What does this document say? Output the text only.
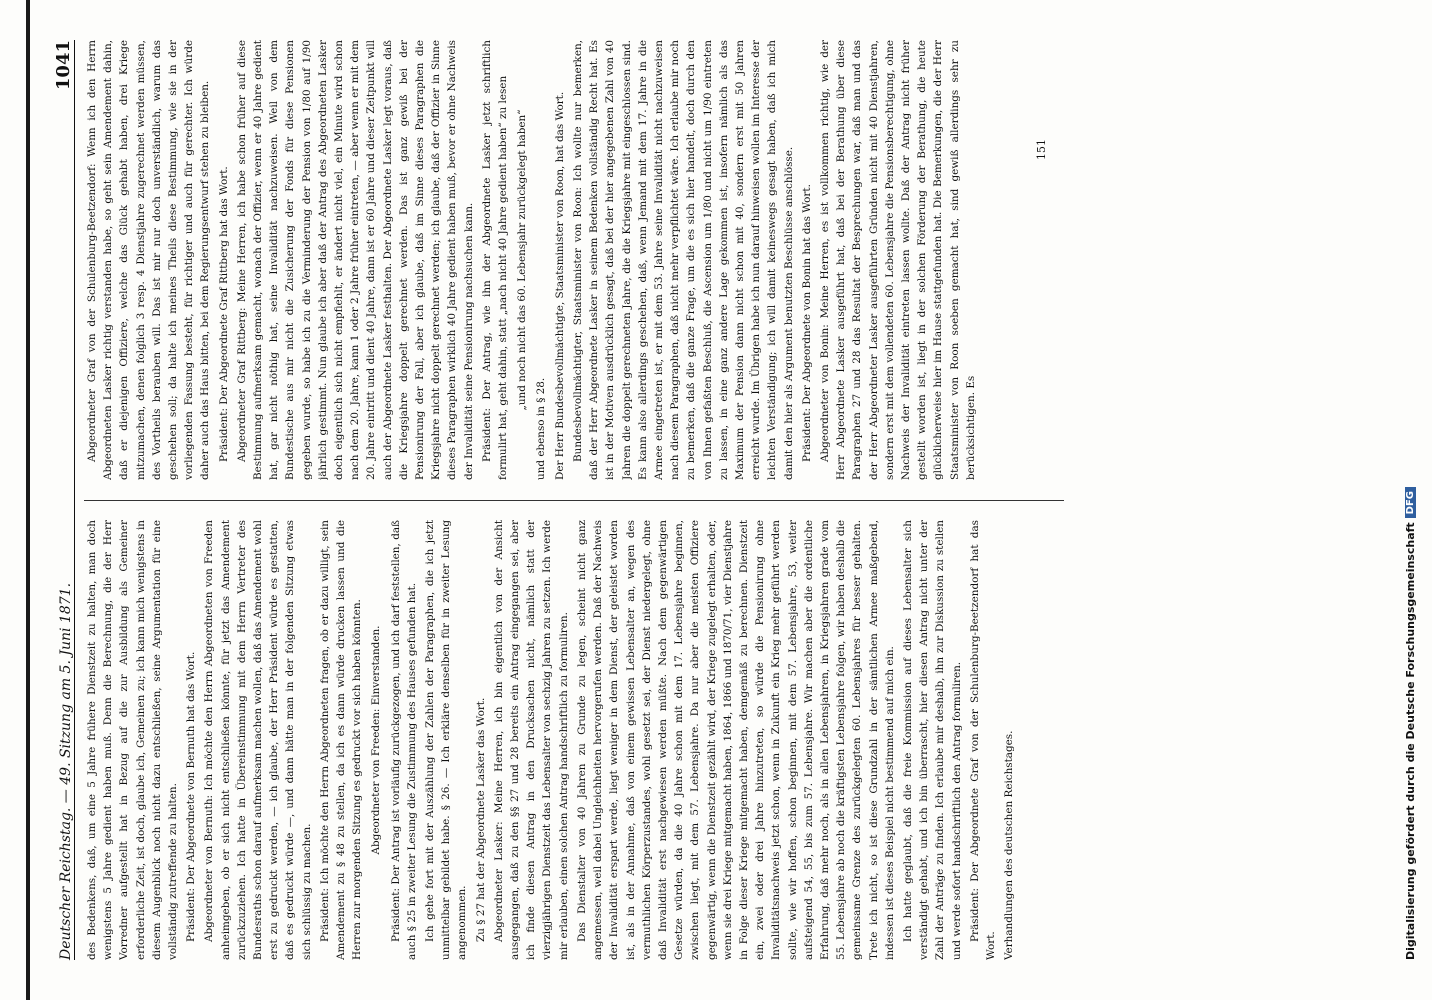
Deutscher Reichstag. — 49. Sitzung am 5. Juni 1871.
1041

des Bedenkens, daß, um eine 5 Jahre frühere Dienstzeit zu halten, man doch wenigstens 5 Jahre gedient haben muß. Denn die Berechnung, die der Herr Vorredner aufgestellt hat in Bezug auf die zur Ausbildung als Gemeiner erforderliche Zeit, ist doch, glaube ich, Gemeinen zu; ich kann mich wenigstens in diesem Augenblick noch nicht dazu entschließen, seine Argumentation für eine vollständig zutreffende zu halten. Präsident: Der Abgeordnete von Bernuth hat das Wort. Abgeordneter von Bernuth: Ich möchte den Herrn Abgeordneten von Freeden anheimgeben, ob er sich nicht entschließen könnte, für jetzt das Amendement zurückzuziehen. Ich hatte in Übereinstimmung mit dem Herrn Vertreter des Bundesraths schon darauf aufmerksam machen wollen, daß das Amendement wohl erst zu gedruckt werden, — ich glaube, der Herr Präsident würde es gestatten, daß es gedruckt würde —, und dann hätte man in der folgenden Sitzung etwas sich schlüssig zu machen. Präsident: Ich möchte den Herrn Abgeordneten fragen, ob er dazu willigt, sein Amendement zu § 48 zu stellen, da ich es dann würde drucken lassen und die Herren zur morgenden Sitzung es gedruckt vor sich haben könnten. Abgeordneter von Freeden: Einverstanden. Präsident: Der Antrag ist vorläufig zurückgezogen, und ich darf feststellen, daß auch § 25 in zweiter Lesung die Zustimmung des Hauses gefunden hat. Ich gehe fort mit der Auszählung der Zahlen der Paragraphen, die ich jetzt unmittelbar gebildet habe. § 26. — Ich erkläre denselben für in zweiter Lesung angenommen. Zu § 27 hat der Abgeordnete Lasker das Wort. Abgeordneter Lasker: Meine Herren, ich bin eigentlich von der Ansicht ausgegangen, daß zu den §§ 27 und 28 bereits ein Antrag eingegangen sei, aber ich finde diesen Antrag in den Drucksachen nicht, nämlich statt der vierzigjährigen Dienstzeit das Lebensalter von sechzig Jahren zu setzen. Ich werde mir erlauben, einen solchen Antrag handschriftlich zu formuliren. Das Dienstalter von 40 Jahren zu Grunde zu legen, scheint nicht ganz angemessen, weil dabei Ungleichheiten hervorgerufen werden. Daß der Nachweis der Invalidität erspart werde, liegt weniger in dem Dienst, der geleistet worden ist, als in der Annahme, daß von einem gewissen Lebensalter an, wegen des vermuthlichen Körperzustandes, wohl gesetzt sei, der Dienst niedergelegt, ohne daß Invalidität erst nachgewiesen werden müßte. Nach dem gegenwärtigen Gesetze würden, da die 40 Jahre schon mit dem 17. Lebensjahre beginnen, zwischen liegt, mit dem 57. Lebensjahre. Da nur aber die meisten Offiziere gegenwärtig, wenn die Dienstzeit gezählt wird, der Kriege zugelegt erhalten, oder, wenn sie drei Kriege mitgemacht haben, 1864, 1866 und 1870/71, vier Dienstjahre in Folge dieser Kriege mitgemacht haben, demgemäß zu berechnen. Dienstzeit ein, zwei oder drei Jahre hinzutreten, so würde die Pensionirung ohne Invaliditätsnachweis jetzt schon, wenn in Zukunft ein Krieg mehr geführt werden sollte, wie wir hoffen, schon beginnen, mit dem 57. Lebensjahre, 53, weiter aufsteigend 54, 55, bis zum 57. Lebensjahre. Wir machen aber die ordentliche Erfahrung, daß mehr noch, als in allen Lebensjahren, in Kriegsjahren grade vom 55. Lebensjahre ab noch die kräftigsten Lebensjahre folgen, wir haben deshalb die gemeinsame Grenze des zurückgelegten 60. Lebensjahres für besser gehalten. Trete ich nicht, so ist diese Grundzahl in der sämtlichen Armee maßgebend, indessen ist dieses Beispiel nicht bestimmend auf mich ein. Ich hatte geglaubt, daß die freie Kommission auf dieses Lebensalter sich verständigt gehabt, und ich bin überrascht, hier diesen Antrag nicht unter der Zahl der Anträge zu finden. Ich erlaube mir deshalb, ihn zur Diskussion zu stellen und werde sofort handschriftlich den Antrag formuliren. Präsident: Der Abgeordnete Graf von der Schulenburg-Beetzendorf hat das Wort. Verhandlungen des deutschen Reichstages.

Abgeordneter Graf von der Schulenburg-Beetzendorf: Wenn ich den Herrn Abgeordneten Lasker richtig verstanden habe, so geht sein Amendement dahin, daß er diejenigen Offiziere, welche das Glück gehabt haben, drei Kriege mitzumachen, denen folglich 3 resp. 4 Dienstjahre zugerechnet werden müssen, des Vortheils berauben will. Das ist mir nur doch unverständlich, warum das geschehen soll; da halte ich meines Theils diese Bestimmung, wie sie in der vorliegenden Fassung besteht, für richtiger und auch für gerechter. Ich würde daher auch das Haus bitten, bei dem Regierungsentwurf stehen zu bleiben. Präsident: Der Abgeordnete Graf Rittberg hat das Wort. Abgeordneter Graf Rittberg: Meine Herren, ich habe schon früher auf diese Bestimmung aufmerksam gemacht, wonach der Offizier, wenn er 40 Jahre gedient hat, gar nicht nöthig hat, seine Invalidität nachzuweisen. Weil von dem Bundestische aus mir nicht die Zusicherung der Fonds für diese Pensionen gegeben wurde, so habe ich zu die Verminderung der Pension von 1/80 auf 1/90 jährlich gestimmt. Nun glaube ich aber daß der Antrag des Abgeordneten Lasker doch eigentlich sich nicht empfiehlt, er ändert nicht viel, ein Minute wird schon nach dem 20. Jahre, kann 1 oder 2 Jahre früher eintreten, — aber wenn er mit dem 20. Jahre eintritt und dient 40 Jahre, dann ist er 60 Jahre und dieser Zeitpunkt will auch der Abgeordnete Lasker festhalten. Der Abgeordnete Lasker legt voraus, daß die Kriegsjahre doppelt gerechnet werden. Das ist ganz gewiß bei der Pensionirung der Fall, aber ich glaube, daß im Sinne dieses Paragraphen die Kriegsjahre nicht doppelt gerechnet werden; ich glaube, daß der Offizier in Sinne dieses Paragraphen wirklich 40 Jahre gedient haben muß, bevor er ohne Nachweis der Invalidität seine Pensionirung nachsuchen kann. Präsident: Der Antrag, wie ihn der Abgeordnete Lasker jetzt schriftlich formulirt hat, geht dahin, statt „nach nicht 40 Jahre gedient haben“ zu lesen „und noch nicht das 60. Lebensjahr zurückgelegt haben“

und ebenso in § 28. Der Herr Bundesbevollmächtigte, Staatsminister von Roon, hat das Wort. Bundesbevollmächtigter, Staatsminister von Roon: Ich wollte nur bemerken, daß der Herr Abgeordnete Lasker in seinem Bedenken vollständig Recht hat. Es ist in der Motiven ausdrücklich gesagt, daß bei der hier angegebenen Zahl von 40 Jahren die doppelt gerechneten Jahre, die die Kriegsjahre mit eingeschlossen sind. Es kann also allerdings geschehen, daß, wenn Jemand mit dem 17. Jahre in die Armee eingetreten ist, er mit dem 53. Jahre seine Invalidität nicht nachzuweisen nach diesem Paragraphen, daß nicht mehr verpflichtet wäre. Ich erlaube mir noch zu bemerken, daß die ganze Frage, um die es sich hier handelt, doch durch den von Ihnen gefaßten Beschluß, die Ascension um 1/80 und nicht um 1/90 eintreten zu lassen, in eine ganz andere Lage gekommen ist, insofern nämlich als das Maximum der Pension dann nicht schon mit 40, sondern erst mit 50 Jahren erreicht wurde. Im Übrigen habe ich nun darauf hinweisen wollen im Interesse der leichten Verständigung; ich will damit keineswegs gesagt haben, daß ich mich damit den hier als Argument benutzten Beschlüsse anschlösse. Präsident: Der Abgeordnete von Bonin hat das Wort. Abgeordneter von Bonin: Meine Herren, es ist vollkommen richtig, wie der Herr Abgeordnete Lasker ausgeführt hat, daß bei der Berathung über diese Paragraphen 27 und 28 das Resultat der Besprechungen war, daß man und das der Herr Abgeordneter Lasker ausgeführten Gründen nicht mit 40 Dienstjahren, sondern erst mit dem vollendeten 60. Lebensjahre die Pensionsberechtigung, ohne Nachweis der Invalidität eintreten lassen wollte. Daß der Antrag nicht früher gestellt worden ist, liegt in der solchen Förderung der Berathung, die heute glücklicherweise hier im Hause stattgefunden hat. Die Bemerkungen, die der Herr Staatsminister von Roon soeben gemacht hat, sind gewiß allerdings sehr zu berücksichtigen. Es

151
Digitalisierung gefördert durch die Deutsche Forschungsgemeinschaft
DFG
